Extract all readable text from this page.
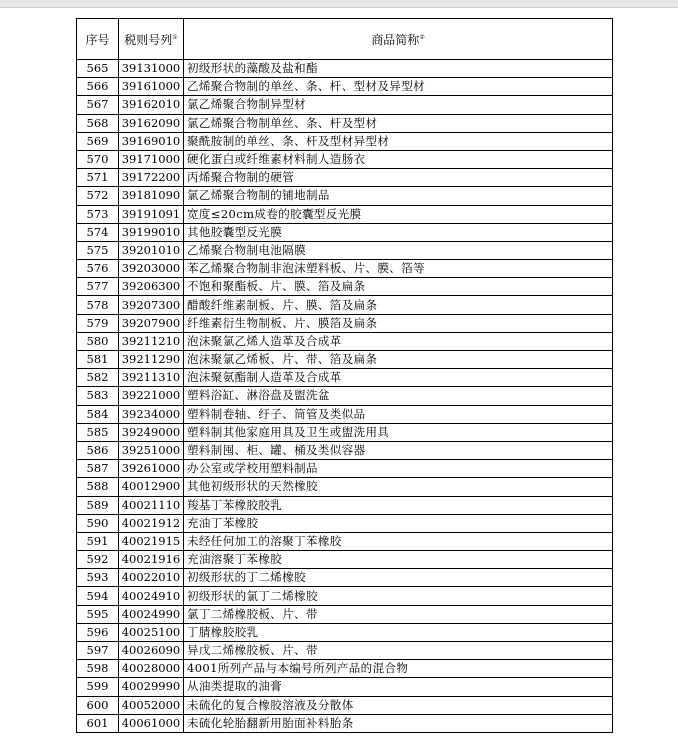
序号	税则号列①	商品简称②
565	39131000	初级形状的藻酸及盐和酯
566	39161000	乙烯聚合物制的单丝、条、杆、型材及异型材
567	39162010	氯乙烯聚合物制异型材
568	39162090	氯乙烯聚合物制单丝、条、杆及型材
569	39169010	聚酰胺制的单丝、条、杆及型材异型材
570	39171000	硬化蛋白或纤维素材料制人造肠衣
571	39172200	丙烯聚合物制的硬管
572	39181090	氯乙烯聚合物制的铺地制品
573	39191091	宽度≤20cm成卷的胶囊型反光膜
574	39199010	其他胶囊型反光膜
575	39201010	乙烯聚合物制电池隔膜
576	39203000	苯乙烯聚合物制非泡沫塑料板、片、膜、箔等
577	39206300	不饱和聚酯板、片、膜、箔及扁条
578	39207300	醋酸纤维素制板、片、膜、箔及扁条
579	39207900	纤维素衍生物制板、片、膜箔及扁条
580	39211210	泡沫聚氯乙烯人造革及合成革
581	39211290	泡沫聚氯乙烯板、片、带、箔及扁条
582	39211310	泡沫聚氨酯制人造革及合成革
583	39221000	塑料浴缸、淋浴盘及盥洗盆
584	39234000	塑料制卷轴、纡子、筒管及类似品
585	39249000	塑料制其他家庭用具及卫生或盥洗用具
586	39251000	塑料制囤、柜、罐、桶及类似容器
587	39261000	办公室或学校用塑料制品
588	40012900	其他初级形状的天然橡胶
589	40021110	羧基丁苯橡胶胶乳
590	40021912	充油丁苯橡胶
591	40021915	未经任何加工的溶聚丁苯橡胶
592	40021916	充油溶聚丁苯橡胶
593	40022010	初级形状的丁二烯橡胶
594	40024910	初级形状的氯丁二烯橡胶
595	40024990	氯丁二烯橡胶板、片、带
596	40025100	丁腈橡胶胶乳
597	40026090	异戊二烯橡胶板、片、带
598	40028000	4001所列产品与本编号所列产品的混合物
599	40029990	从油类提取的油膏
600	40052000	未硫化的复合橡胶溶液及分散体
601	40061000	未硫化轮胎翻新用胎面补料胎条
